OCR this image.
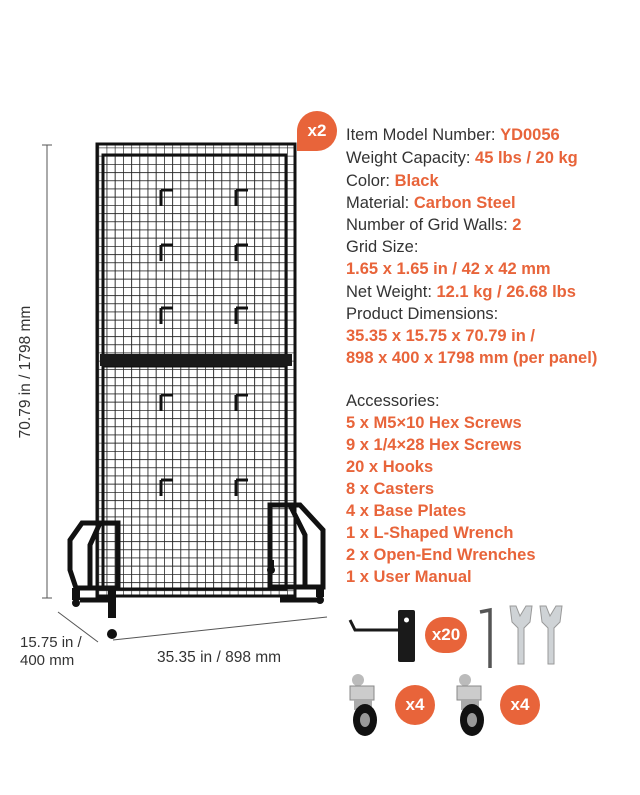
70.79 in / 1798 mm
15.75 in /
400 mm	35.35 in / 898 mm
x2 Item Model Number: YD0056
Weight Capacity: 45 lbs / 20 kg
Color: Black
Material: Carbon Steel
Number of Grid Walls: 2
Grid Size:
1.65 x 1.65 in / 42 x 42 mm
Net Weight: 12.1 kg / 26.68 lbs
Product Dimensions:
35.35 x 15.75 x 70.79 in /
898 x 400 x 1798 mm (per panel)
Accessories:
5 x M5×10 Hex Screws
9 x 1/4×28 Hex Screws
20 x Hooks
8 x Casters
4 x Base Plates
1 x L-Shaped Wrench
2 x Open-End Wrenches
1 x User Manual
x20
x4	x4
